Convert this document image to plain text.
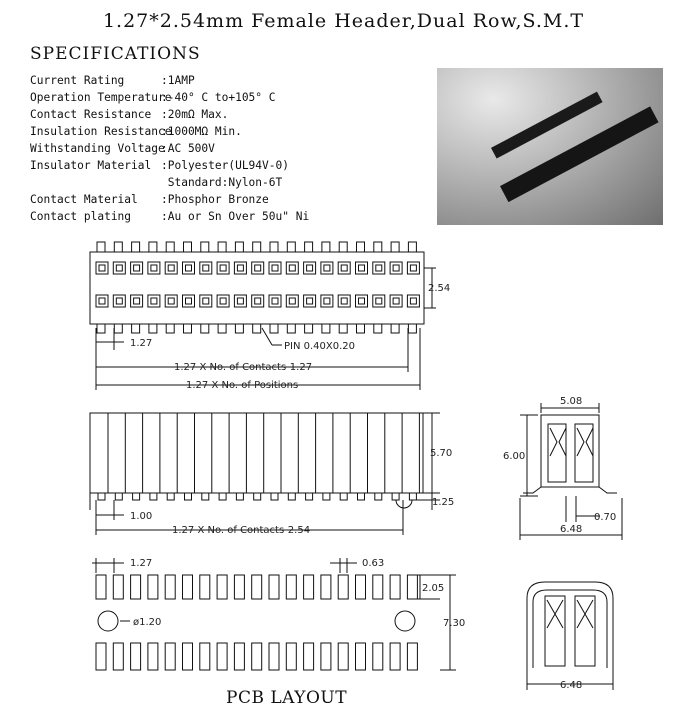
1.27*2.54mm Female Header,Dual Row,S.M.T
SPECIFICATIONS
Current Rating	:1AMP
Operation Temperature
:-40° C to+105° C
Contact Resistance :20mΩ Max.
Insulation Resistance
:1000MΩ Min.
Withstanding Voltage
:AC 500V
Insulator Material :Polyester(UL94V-0)
Standard:Nylon-6T
Contact Material	:Phosphor Bronze
Contact plating	:Au or Sn Over 50u" Ni
2.54
1.27	PIN 0.40X0.20
1.27 X No. of Contacts-1.27
1.27 X No. of Positions
5.70
1.25
1.00
1.27 X No. of Contacts-2.54
5.08
6.00
0.70
6.48
1.27	0.63
2.05
ø1.20	7.30
6.48
PCB LAYOUT
